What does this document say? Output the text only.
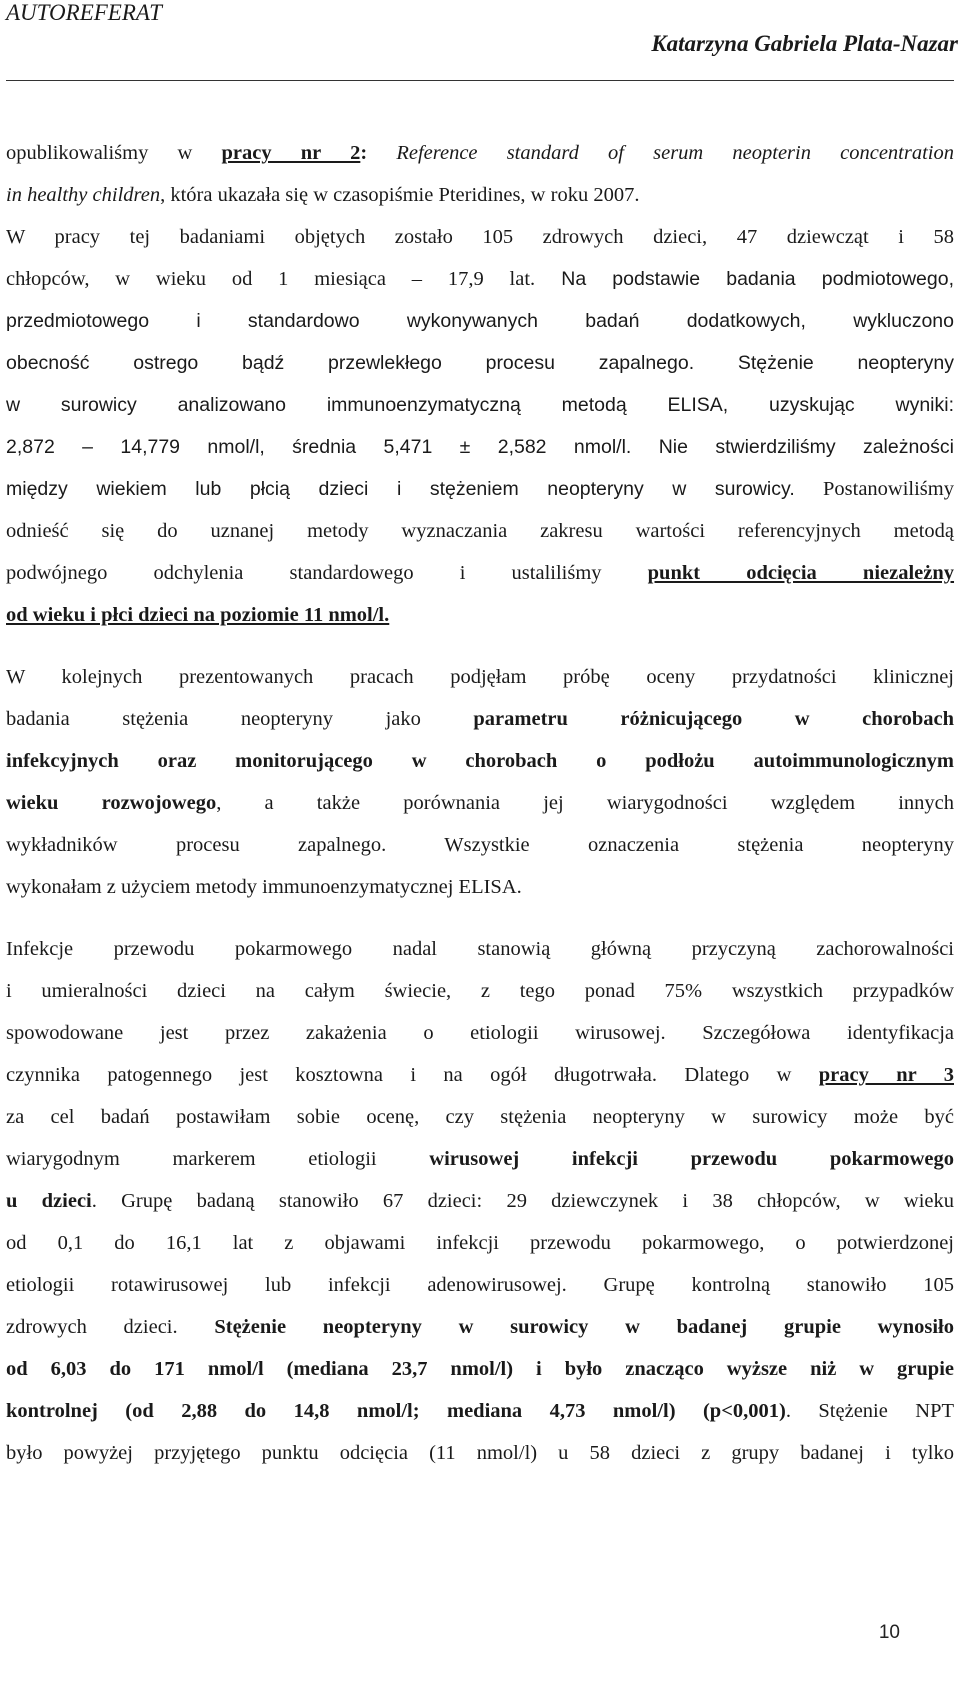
AUTOREFERAT
Katarzyna Gabriela Plata-Nazar
opublikowaliśmy w pracy nr 2: Reference standard of serum neopterin concentration
in healthy children, która ukazała się w czasopiśmie Pteridines, w roku 2007.
W pracy tej badaniami objętych zostało 105 zdrowych dzieci, 47 dziewcząt i 58
chłopców, w wieku od 1 miesiąca – 17,9 lat. Na podstawie badania podmiotowego,
przedmiotowego i standardowo wykonywanych badań dodatkowych, wykluczono
obecność ostrego bądź przewlekłego procesu zapalnego. Stężenie neopteryny
w surowicy analizowano immunoenzymatyczną metodą ELISA, uzyskując wyniki:
2,872 – 14,779 nmol/l, średnia 5,471 ± 2,582 nmol/l. Nie stwierdziliśmy zależności
między wiekiem lub płcią dzieci i stężeniem neopteryny w surowicy. Postanowiliśmy
odnieść się do uznanej metody wyznaczania zakresu wartości referencyjnych metodą
podwójnego odchylenia standardowego i ustaliliśmy punkt odcięcia niezależny
od wieku i płci dzieci na poziomie 11 nmol/l.
W kolejnych prezentowanych pracach podjęłam próbę oceny przydatności klinicznej
badania stężenia neopteryny jako parametru różnicującego w chorobach
infekcyjnych oraz monitorującego w chorobach o podłożu autoimmunologicznym
wieku rozwojowego, a także porównania jej wiarygodności względem innych
wykładników procesu zapalnego. Wszystkie oznaczenia stężenia neopteryny
wykonałam z użyciem metody immunoenzymatycznej ELISA.
Infekcje przewodu pokarmowego nadal stanowią główną przyczyną zachorowalności
i umieralności dzieci na całym świecie, z tego ponad 75% wszystkich przypadków
spowodowane jest przez zakażenia o etiologii wirusowej. Szczegółowa identyfikacja
czynnika patogennego jest kosztowna i na ogół długotrwała. Dlatego w pracy nr 3
za cel badań postawiłam sobie ocenę, czy stężenia neopteryny w surowicy może być
wiarygodnym markerem etiologii wirusowej infekcji przewodu pokarmowego
u dzieci. Grupę badaną stanowiło 67 dzieci: 29 dziewczynek i 38 chłopców, w wieku
od 0,1 do 16,1 lat z objawami infekcji przewodu pokarmowego, o potwierdzonej
etiologii rotawirusowej lub infekcji adenowirusowej. Grupę kontrolną stanowiło 105
zdrowych dzieci. Stężenie neopteryny w surowicy w badanej grupie wynosiło
od 6,03 do 171 nmol/l (mediana 23,7 nmol/l) i było znacząco wyższe niż w grupie
kontrolnej (od 2,88 do 14,8 nmol/l; mediana 4,73 nmol/l) (p<0,001). Stężenie NPT
było powyżej przyjętego punktu odcięcia (11 nmol/l) u 58 dzieci z grupy badanej i tylko
10
